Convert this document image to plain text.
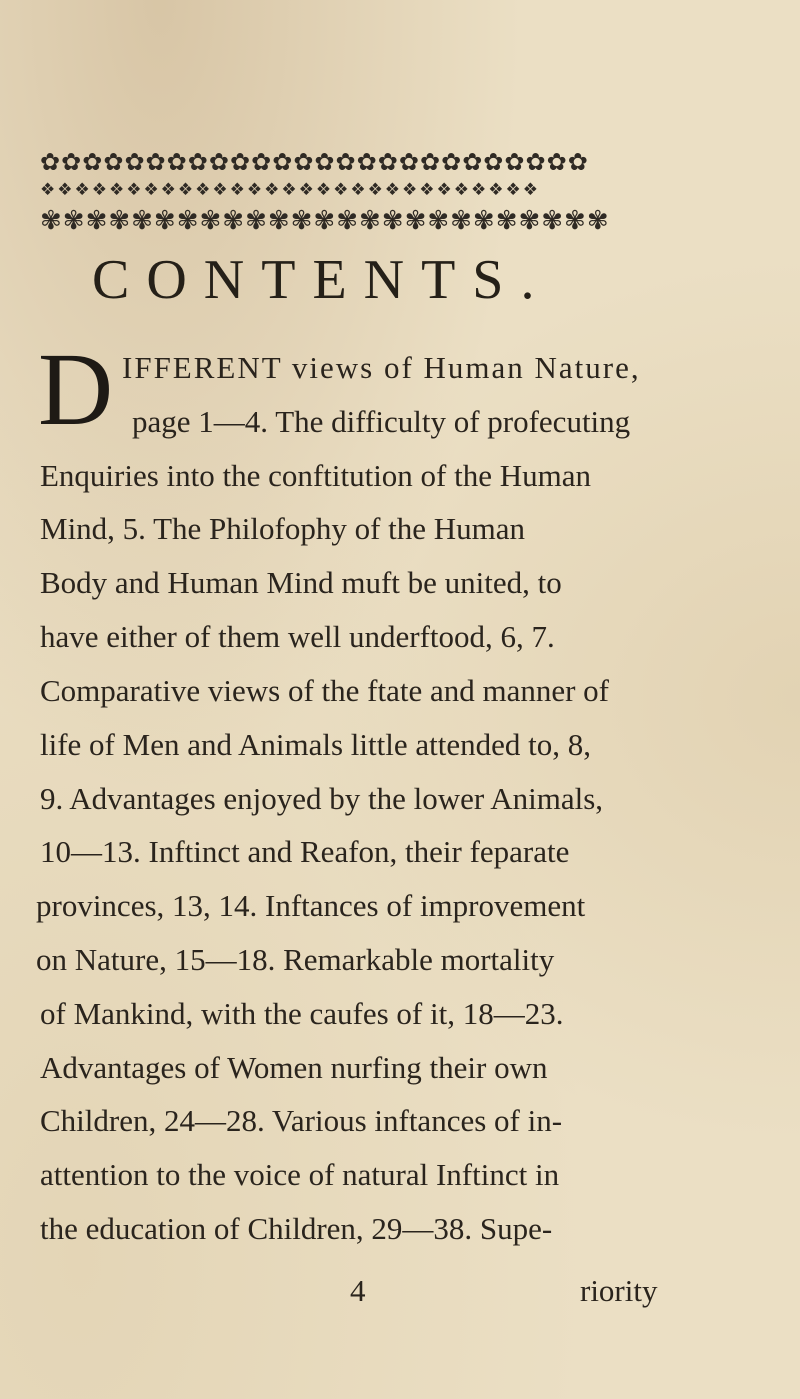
✿✿✿✿✿✿✿✿✿✿✿✿✿✿✿✿✿✿✿✿✿✿✿✿✿✿
❖❖❖❖❖❖❖❖❖❖❖❖❖❖❖❖❖❖❖❖❖❖❖❖❖❖❖❖❖
✾✾✾✾✾✾✾✾✾✾✾✾✾✾✾✾✾✾✾✾✾✾✾✾✾
CONTENTS.
D IFFERENT views of Human Nature,
page 1—4. The difficulty of profecuting
Enquiries into the conftitution of the Human
Mind, 5. The Philofophy of the Human
Body and Human Mind muft be united, to
have either of them well underftood, 6, 7.
Comparative views of the ftate and manner of
life of Men and Animals little attended to, 8,
9. Advantages enjoyed by the lower Animals,
10—13. Inftinct and Reafon, their feparate
provinces, 13, 14. Inftances of improvement
on Nature, 15—18. Remarkable mortality
of Mankind, with the caufes of it, 18—23.
Advantages of Women nurfing their own
Children, 24—28. Various inftances of in-
attention to the voice of natural Inftinct in
the education of Children, 29—38. Supe-
4	riority
